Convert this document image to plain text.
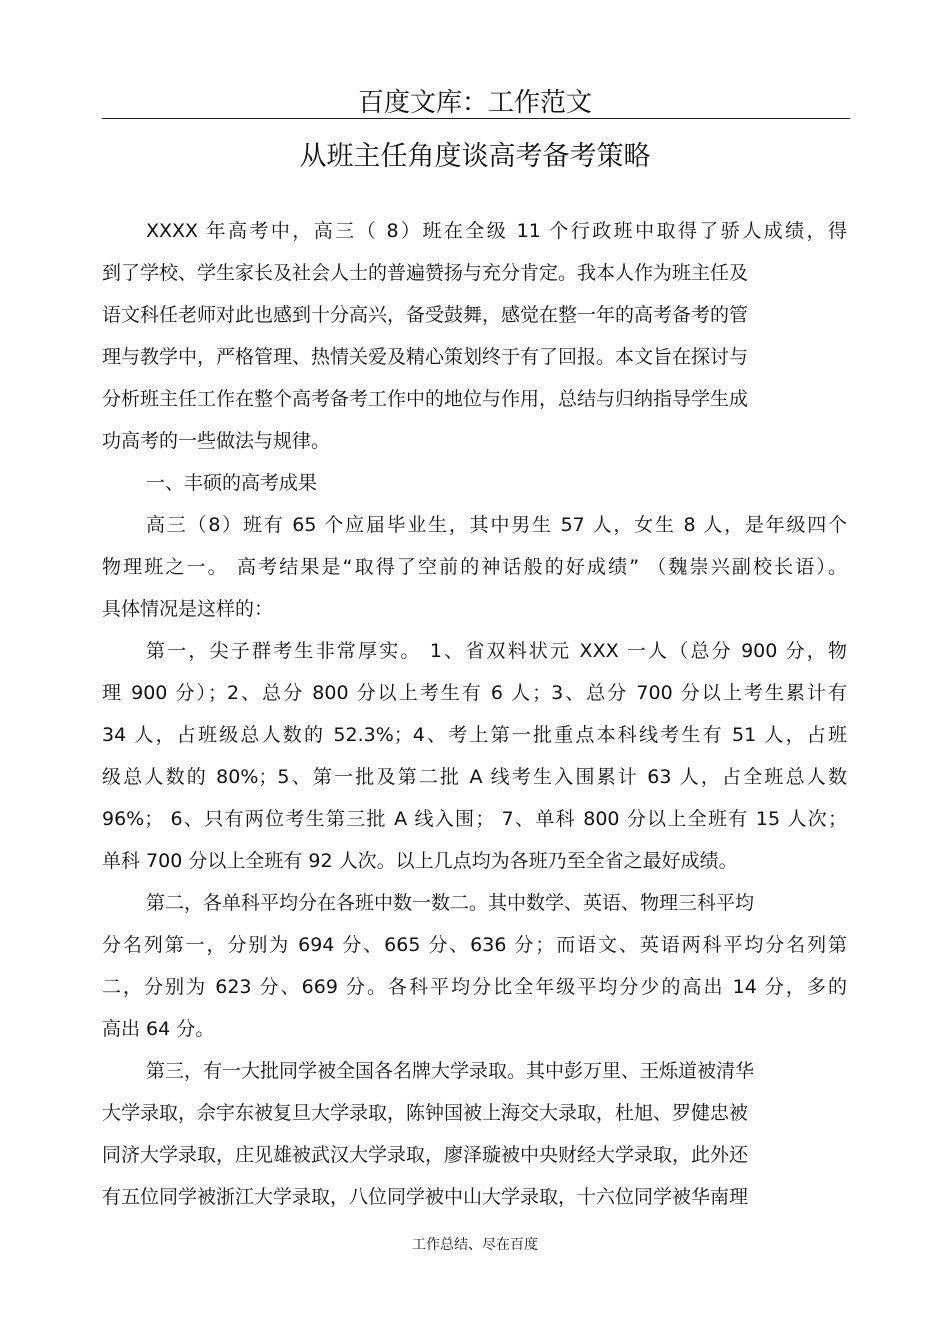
百度文库：工作范文
从班主任角度谈高考备考策略
XXXX 年高考中，高三（ 8）班在全级 11 个行政班中取得了骄人成绩，得
到了学校、学生家长及社会人士的普遍赞扬与充分肯定。我本人作为班主任及
语文科任老师对此也感到十分高兴，备受鼓舞，感觉在整一年的高考备考的管
理与教学中，严格管理、热情关爱及精心策划终于有了回报。本文旨在探讨与
分析班主任工作在整个高考备考工作中的地位与作用，总结与归纳指导学生成
功高考的一些做法与规律。
一、丰硕的高考成果
高三（8）班有 65 个应届毕业生，其中男生 57 人，女生 8 人，是年级四个
物理班之一。 高考结果是“取得了空前的神话般的好成绩” （魏崇兴副校长语）。
具体情况是这样的：
第一，尖子群考生非常厚实。 1、省双料状元 XXX 一人（总分 900 分，物
理 900 分）；2、总分 800 分以上考生有 6 人；3、总分 700 分以上考生累计有
34 人，占班级总人数的 52.3%；4、考上第一批重点本科线考生有 51 人，占班
级总人数的 80%；5、第一批及第二批 A 线考生入围累计 63 人，占全班总人数
96%； 6、只有两位考生第三批 A 线入围； 7、单科 800 分以上全班有 15 人次；
单科 700 分以上全班有 92 人次。以上几点均为各班乃至全省之最好成绩。
第二，各单科平均分在各班中数一数二。其中数学、英语、物理三科平均
分名列第一，分别为 694 分、665 分、636 分；而语文、英语两科平均分名列第
二，分别为 623 分、669 分。各科平均分比全年级平均分少的高出 14 分，多的
高出 64 分。
第三，有一大批同学被全国各名牌大学录取。其中彭万里、王烁道被清华
大学录取，佘宇东被复旦大学录取，陈钟国被上海交大录取，杜旭、罗健忠被
同济大学录取，庄见雄被武汉大学录取，廖泽璇被中央财经大学录取，此外还
有五位同学被浙江大学录取，八位同学被中山大学录取，十六位同学被华南理
工作总结、尽在百度
